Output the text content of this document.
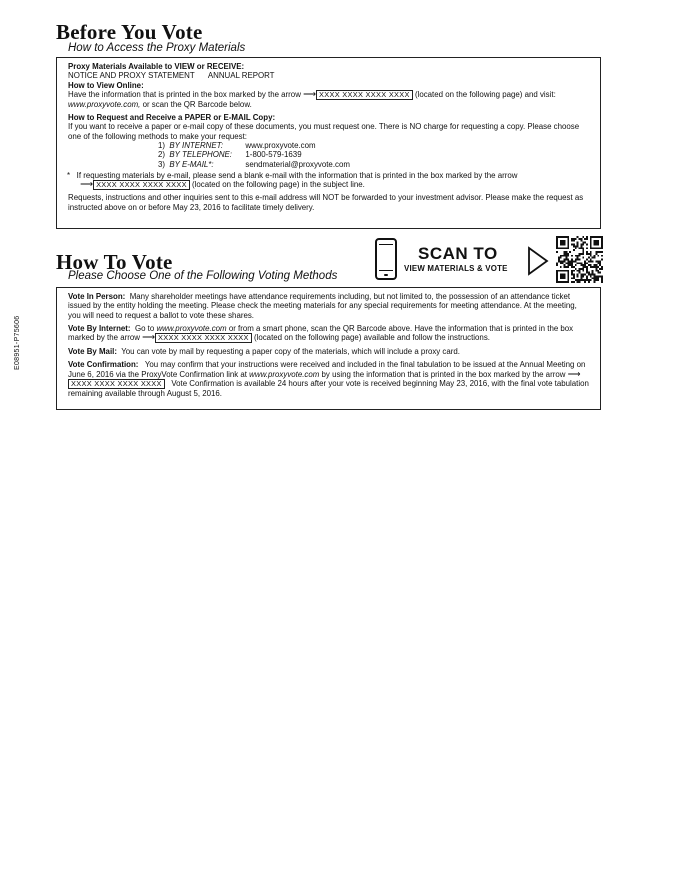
Before You Vote
How to Access the Proxy Materials

Proxy Materials Available to VIEW or RECEIVE:

NOTICE AND PROXY STATEMENT ANNUAL REPORT

How to View Online:

Have the information that is printed in the box marked by the arrow ⟶ XXXX XXXX XXXX XXXX (located on the following page) and visit: www.proxyvote.com, or scan the QR Barcode below.

How to Request and Receive a PAPER or E-MAIL Copy:

If you want to receive a paper or e-mail copy of these documents, you must request one. There is NO charge for requesting a copy. Please choose one of the following methods to make your request:

1) BY INTERNET:	www.proxyvote.com
2) BY TELEPHONE: 1-800-579-1639
3) BY E-MAIL*:	sendmaterial@proxyvote.com

* If requesting materials by e-mail, please send a blank e-mail with the information that is printed in the box marked by the arrow
⟶ XXXX XXXX XXXX XXXX (located on the following page) in the subject line.

Requests, instructions and other inquiries sent to this e-mail address will NOT be forwarded to your investment advisor. Please make the request as instructed above on or before May 23, 2016 to facilitate timely delivery.

How To Vote
Please Choose One of the Following Voting Methods
SCAN TO
VIEW MATERIALS & VOTE

Vote In Person: Many shareholder meetings have attendance requirements including, but not limited to, the possession of an attendance ticket issued by the entity holding the meeting. Please check the meeting materials for any special requirements for meeting attendance. At the meeting, you will need to request a ballot to vote these shares.

Vote By Internet: Go to www.proxyvote.com or from a smart phone, scan the QR Barcode above. Have the information that is printed in the box marked by the arrow ⟶ XXXX XXXX XXXX XXXX (located on the following page) available and follow the instructions.

Vote By Mail: You can vote by mail by requesting a paper copy of the materials, which will include a proxy card.

Vote Confirmation: You may confirm that your instructions were received and included in the final tabulation to be issued at the Annual Meeting on June 6, 2016 via the ProxyVote Confirmation link at www.proxyvote.com by using the information that is printed in the box marked by the arrow ⟶XXXX XXXX XXXX XXXX Vote Confirmation is available 24 hours after your vote is received beginning May 23, 2016, with the final vote tabulation remaining available through August 5, 2016.

E08951-P75606
